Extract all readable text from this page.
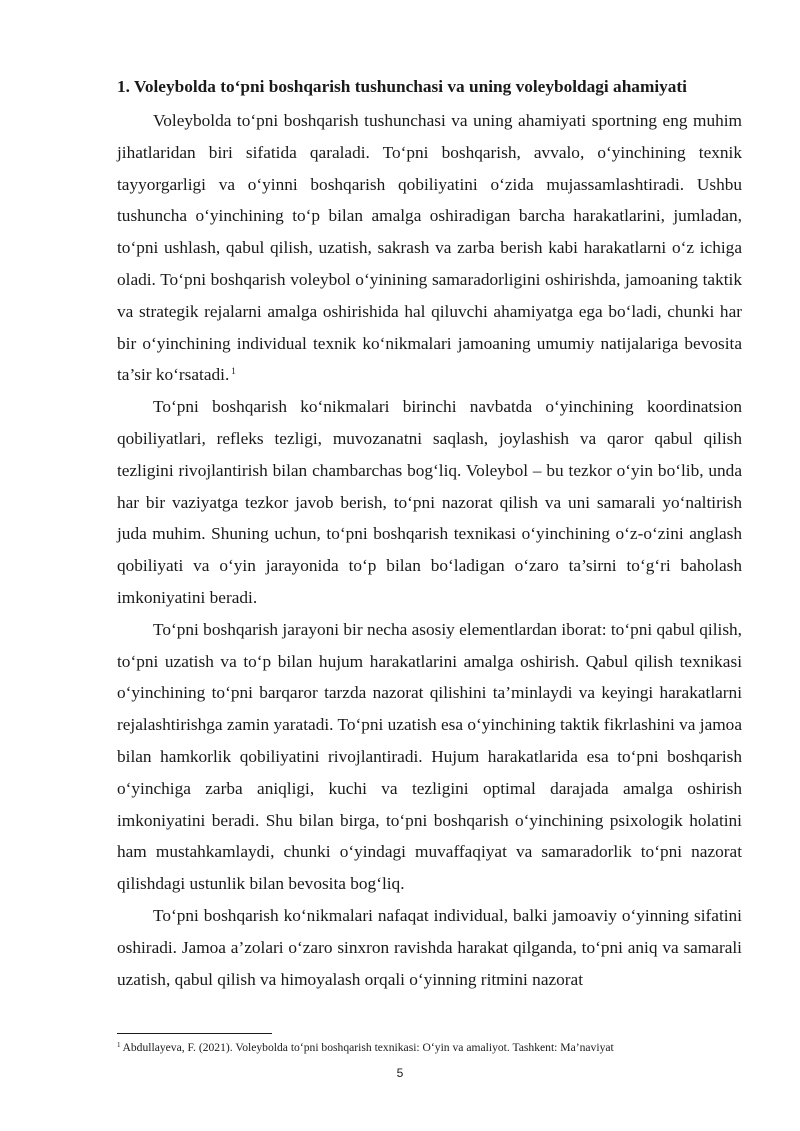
1. Voleybolda to‘pni boshqarish tushunchasi va uning voleyboldagi ahamiyati

Voleybolda to‘pni boshqarish tushunchasi va uning ahamiyati sportning eng muhim jihatlaridan biri sifatida qaraladi. To‘pni boshqarish, avvalo, o‘yinchining texnik tayyorgarligi va o‘yinni boshqarish qobiliyatini o‘zida mujassamlashtiradi. Ushbu tushuncha o‘yinchining to‘p bilan amalga oshiradigan barcha harakatlarini, jumladan, to‘pni ushlash, qabul qilish, uzatish, sakrash va zarba berish kabi harakatlarni o‘z ichiga oladi. To‘pni boshqarish voleybol o‘yinining samaradorligini oshirishda, jamoaning taktik va strategik rejalarni amalga oshirishida hal qiluvchi ahamiyatga ega bo‘ladi, chunki har bir o‘yinchining individual texnik ko‘nikmalari jamoaning umumiy natijalariga bevosita ta’sir ko‘rsatadi. $^1$

To‘pni boshqarish ko‘nikmalari birinchi navbatda o‘yinchining koordinatsion qobiliyatlari, refleks tezligi, muvozanatni saqlash, joylashish va qaror qabul qilish tezligini rivojlantirish bilan chambarchas bog‘liq. Voleybol – bu tezkor o‘yin bo‘lib, unda har bir vaziyatga tezkor javob berish, to‘pni nazorat qilish va uni samarali yo‘naltirish juda muhim. Shuning uchun, to‘pni boshqarish texnikasi o‘yinchining o‘z-o‘zini anglash qobiliyati va o‘yin jarayonida to‘p bilan bo‘ladigan o‘zaro ta’sirni to‘g‘ri baholash imkoniyatini beradi.

To‘pni boshqarish jarayoni bir necha asosiy elementlardan iborat: to‘pni qabul qilish, to‘pni uzatish va to‘p bilan hujum harakatlarini amalga oshirish. Qabul qilish texnikasi o‘yinchining to‘pni barqaror tarzda nazorat qilishini ta’minlaydi va keyingi harakatlarni rejalashtirishga zamin yaratadi. To‘pni uzatish esa o‘yinchining taktik fikrlashini va jamoa bilan hamkorlik qobiliyatini rivojlantiradi. Hujum harakatlarida esa to‘pni boshqarish o‘yinchiga zarba aniqligi, kuchi va tezligini optimal darajada amalga oshirish imkoniyatini beradi. Shu bilan birga, to‘pni boshqarish o‘yinchining psixologik holatini ham mustahkamlaydi, chunki o‘yindagi muvaffaqiyat va samaradorlik to‘pni nazorat qilishdagi ustunlik bilan bevosita bog‘liq.

To‘pni boshqarish ko‘nikmalari nafaqat individual, balki jamoaviy o‘yinning sifatini oshiradi. Jamoa a’zolari o‘zaro sinxron ravishda harakat qilganda, to‘pni aniq va samarali uzatish, qabul qilish va himoyalash orqali o‘yinning ritmini nazorat

$^1$ Abdullayeva, F. (2021). Voleybolda to‘pni boshqarish texnikasi: O‘yin va amaliyot. Tashkent: Ma’naviyat
5
